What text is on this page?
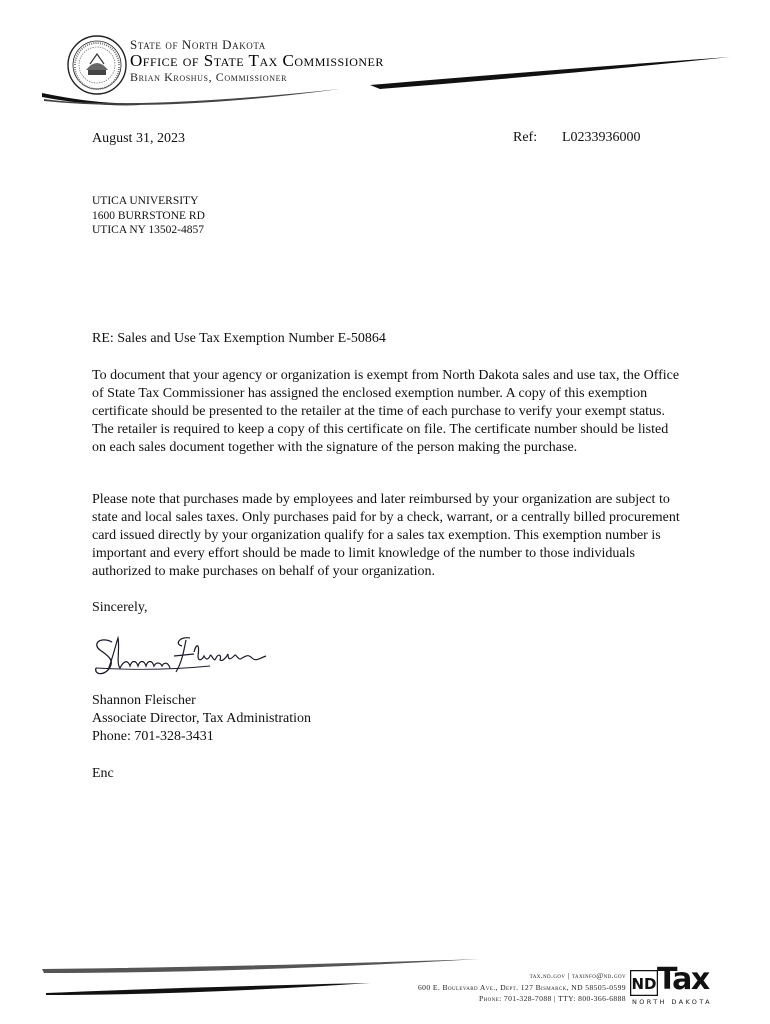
State of North Dakota
Office of State Tax Commissioner
Brian Kroshus, Commissioner
August 31, 2023	Ref: L0233936000
UTICA UNIVERSITY
1600 BURRSTONE RD
UTICA NY 13502-4857
RE: Sales and Use Tax Exemption Number E-50864
To document that your agency or organization is exempt from North Dakota sales and use tax, the Office of State Tax Commissioner has assigned the enclosed exemption number. A copy of this exemption certificate should be presented to the retailer at the time of each purchase to verify your exempt status. The retailer is required to keep a copy of this certificate on file. The certificate number should be listed on each sales document together with the signature of the person making the purchase.
Please note that purchases made by employees and later reimbursed by your organization are subject to state and local sales taxes. Only purchases paid for by a check, warrant, or a centrally billed procurement card issued directly by your organization qualify for a sales tax exemption. This exemption number is important and every effort should be made to limit knowledge of the number to those individuals authorized to make purchases on behalf of your organization.
Sincerely,
Shannon Fleischer
Associate Director, Tax Administration
Phone: 701-328-3431
Enc
tax.nd.gov | taxinfo@nd.gov
600 E. Boulevard Ave., Dept. 127 Bismarck, ND 58505-0599
Phone: 701-328-7088 | TTY: 800-366-6888
ND Tax
NORTH DAKOTA
